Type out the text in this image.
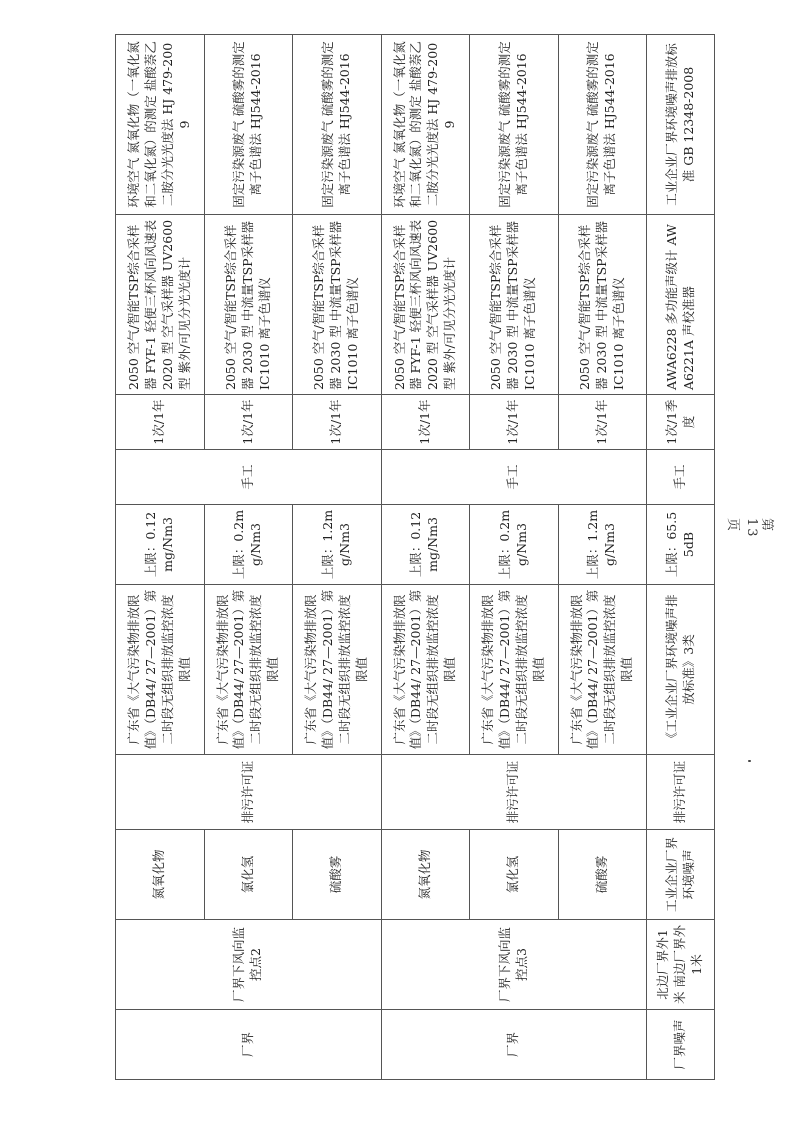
厂界	厂界下风向监控点2	氮氧化物	排污许可证	广东省《大气污染物排放限值》（DB44/ 27—2001）第二时段无组织排放监控浓度限值	上限：0.12mg/Nm3	手工	1次/1年	2050 空气/智能TSP综合采样器 FYF-1 轻便三杯风向风速表 2020 型 空气采样器 UV2600 型 紫外/可见分光光度计	环境空气 氮氧化物（一氧化氮和二氧化氮）的测定 盐酸萘乙二胺分光光度法 HJ 479-2009
		氯化氢		广东省《大气污染物排放限值》（DB44/ 27—2001）第二时段无组织排放监控浓度限值	上限：0.2mg/Nm3		1次/1年	2050 空气/智能TSP综合采样器 2030 型 中流量TSP采样器 IC1010 离子色谱仪	固定污染源废气 硫酸雾的测定 离子色谱法 HJ544-2016
		硫酸雾		广东省《大气污染物排放限值》（DB44/ 27—2001）第二时段无组织排放监控浓度限值	上限：1.2mg/Nm3		1次/1年	2050 空气/智能TSP综合采样器 2030 型 中流量TSP采样器 IC1010 离子色谱仪	固定污染源废气 硫酸雾的测定 离子色谱法 HJ544-2016
厂界	厂界下风向监控点3	氮氧化物	排污许可证	广东省《大气污染物排放限值》（DB44/ 27—2001）第二时段无组织排放监控浓度限值	上限：0.12mg/Nm3	手工	1次/1年	2050 空气/智能TSP综合采样器 FYF-1 轻便三杯风向风速表 2020 型 空气采样器 UV2600 型 紫外/可见分光光度计	环境空气 氮氧化物（一氧化氮和二氧化氮）的测定 盐酸萘乙二胺分光光度法 HJ 479-2009
		氯化氢		广东省《大气污染物排放限值》（DB44/ 27—2001）第二时段无组织排放监控浓度限值	上限：0.2mg/Nm3		1次/1年	2050 空气/智能TSP综合采样器 2030 型 中流量TSP采样器 IC1010 离子色谱仪	固定污染源废气 硫酸雾的测定 离子色谱法 HJ544-2016
		硫酸雾		广东省《大气污染物排放限值》（DB44/ 27—2001）第二时段无组织排放监控浓度限值	上限：1.2mg/Nm3		1次/1年	2050 空气/智能TSP综合采样器 2030 型 中流量TSP采样器 IC1010 离子色谱仪	固定污染源废气 硫酸雾的测定 离子色谱法 HJ544-2016
厂界噪声	北边厂界外1米 南边厂界外1米	工业企业厂界环境噪声	排污许可证	《工业企业厂界环境噪声排放标准》3类	上限：65.55dB	手工	1次/1季度	AWA6228 多功能声级计 AWA6221A 声校准器	工业企业厂界环境噪声排放标准 GB 12348-2008
第 13 页
